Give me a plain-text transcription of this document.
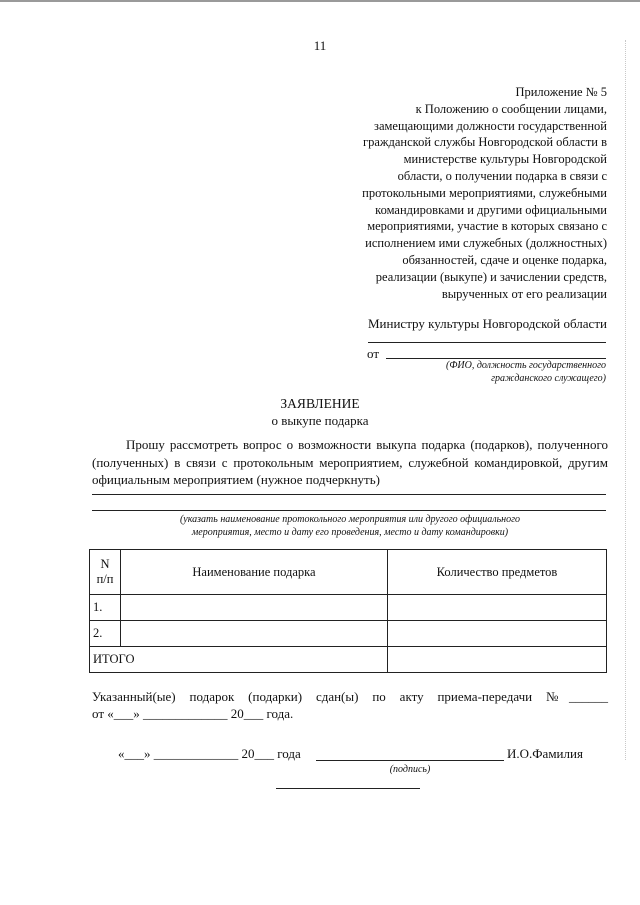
11
Приложение № 5
к Положению о сообщении лицами,
замещающими должности государственной
гражданской службы Новгородской области в
министерстве культуры Новгородской
области, о получении подарка в связи с
протокольными мероприятиями, служебными
командировками и другими официальными
мероприятиями, участие в которых связано с
исполнением ими служебных (должностных)
обязанностей, сдаче и оценке подарка,
реализации (выкупе) и зачислении средств,
вырученных от его реализации
Министру культуры Новгородской области
от
(ФИО, должность государственного
гражданского служащего)
ЗАЯВЛЕНИЕ
о выкупе подарка
Прошу рассмотреть вопрос о возможности выкупа подарка (подарков), полученного (полученных) в связи с протокольным мероприятием, служебной командировкой, другим официальным мероприятием (нужное подчеркнуть)
(указать наименование протокольного мероприятия или другого официального
мероприятия, место и дату его проведения, место и дату командировки)
N
п/п	Наименование подарка	Количество предметов
1.		
2.		
ИТОГО		
Указанный(ые) подарок (подарки) сдан(ы) по акту приема-передачи №______
от «___» _____________ 20___ года.
«___» _____________ 20___ года	И.О.Фамилия
(подпись)
